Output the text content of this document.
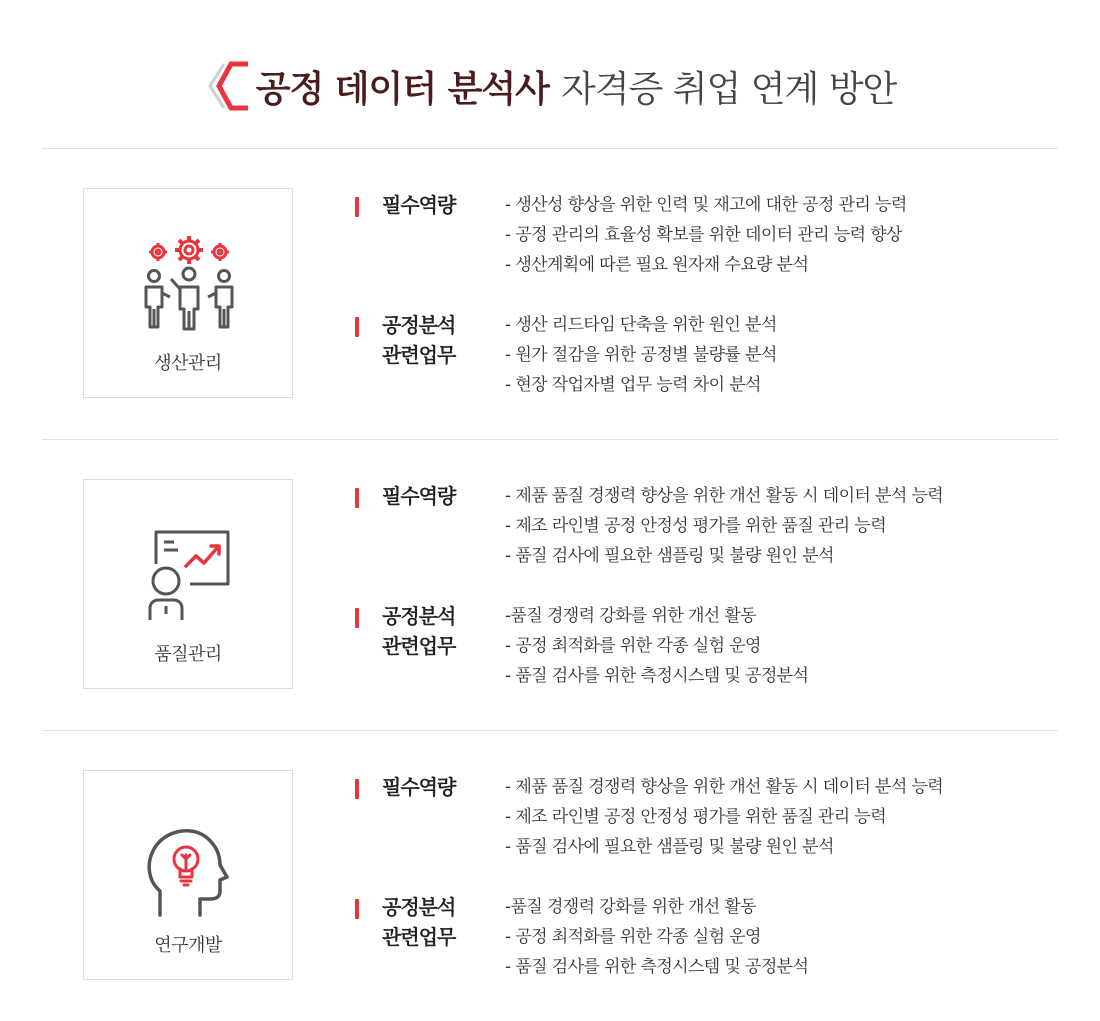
공정 데이터 분석사 자격증 취업 연계 방안
생산관리
필수역량	- 생산성 향상을 위한 인력 및 재고에 대한 공정 관리 능력
- 공정 관리의 효율성 확보를 위한 데이터 관리 능력 향상
- 생산계획에 따른 필요 원자재 수요량 분석
공정분석
관련업무
- 생산 리드타임 단축을 위한 원인 분석
- 원가 절감을 위한 공정별 불량률 분석
- 현장 작업자별 업무 능력 차이 분석
품질관리
필수역량	- 제품 품질 경쟁력 향상을 위한 개선 활동 시 데이터 분석 능력
- 제조 라인별 공정 안정성 평가를 위한 품질 관리 능력
- 품질 검사에 필요한 샘플링 및 불량 원인 분석
공정분석
관련업무
-품질 경쟁력 강화를 위한 개선 활동
- 공정 최적화를 위한 각종 실험 운영
- 품질 검사를 위한 측정시스템 및 공정분석
연구개발
필수역량	- 제품 품질 경쟁력 향상을 위한 개선 활동 시 데이터 분석 능력
- 제조 라인별 공정 안정성 평가를 위한 품질 관리 능력
- 품질 검사에 필요한 샘플링 및 불량 원인 분석
공정분석
관련업무
-품질 경쟁력 강화를 위한 개선 활동
- 공정 최적화를 위한 각종 실험 운영
- 품질 검사를 위한 측정시스템 및 공정분석
